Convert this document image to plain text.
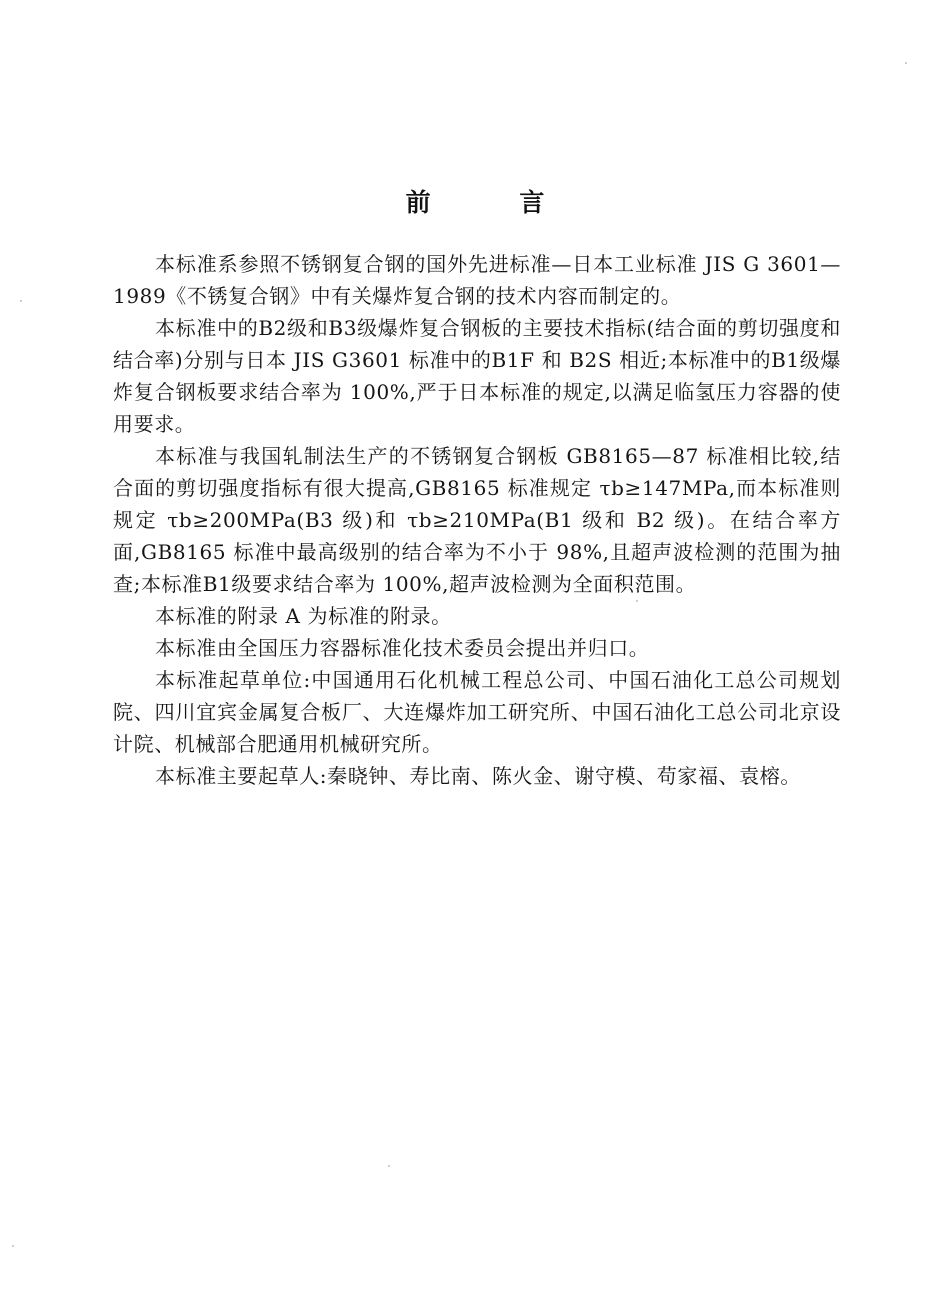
前 言

本标准系参照不锈钢复合钢的国外先进标准—日本工业标准 JIS G 3601—1989《不锈复合钢》中有关爆炸复合钢的技术内容而制定的。

本标准中的B2级和B3级爆炸复合钢板的主要技术指标(结合面的剪切强度和结合率)分别与日本 JIS G3601 标准中的B1F 和 B2S 相近;本标准中的B1级爆炸复合钢板要求结合率为 100%,严于日本标准的规定,以满足临氢压力容器的使用要求。

本标准与我国轧制法生产的不锈钢复合钢板 GB8165—87 标准相比较,结合面的剪切强度指标有很大提高,GB8165 标准规定 τb≥147MPa,而本标准则规定 τb≥200MPa(B3 级)和 τb≥210MPa(B1 级和 B2 级)。在结合率方面,GB8165 标准中最高级别的结合率为不小于 98%,且超声波检测的范围为抽查;本标准B1级要求结合率为 100%,超声波检测为全面积范围。

本标准的附录 A 为标准的附录。

本标准由全国压力容器标准化技术委员会提出并归口。

本标准起草单位:中国通用石化机械工程总公司、中国石油化工总公司规划院、四川宜宾金属复合板厂、大连爆炸加工研究所、中国石油化工总公司北京设计院、机械部合肥通用机械研究所。

本标准主要起草人:秦晓钟、寿比南、陈火金、谢守模、苟家福、袁榕。
